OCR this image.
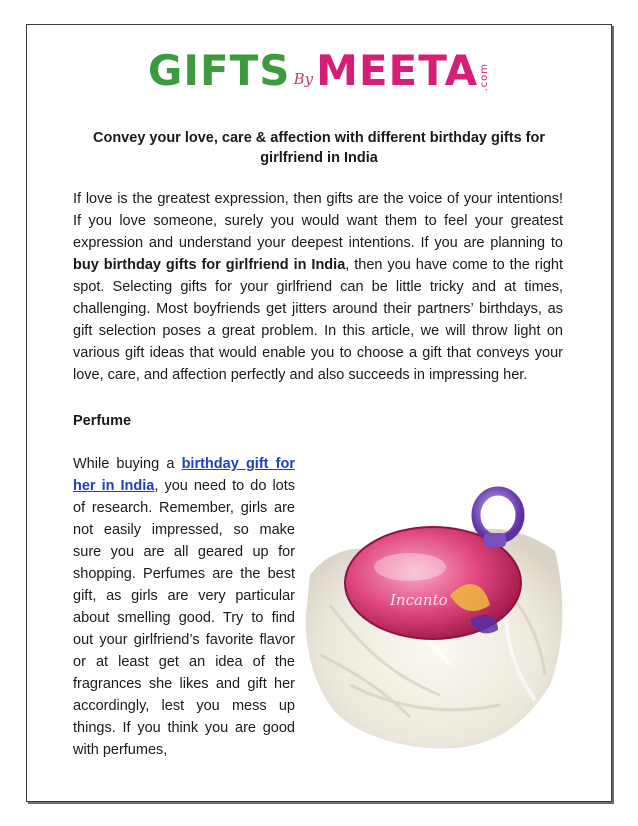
GIFTS By MEETA .com
Convey your love, care & affection with different birthday gifts for girlfriend in India

If love is the greatest expression, then gifts are the voice of your intentions! If you love someone, surely you would want them to feel your greatest expression and understand your deepest intentions. If you are planning to buy birthday gifts for girlfriend in India, then you have come to the right spot. Selecting gifts for your girlfriend can be little tricky and at times, challenging. Most boyfriends get jitters around their partners’ birthdays, as gift selection poses a great problem. In this article, we will throw light on various gift ideas that would enable you to choose a gift that conveys your love, care, and affection perfectly and also succeeds in impressing her.

Perfume

While buying a birthday gift for her in India, you need to do lots of research. Remember, girls are not easily impressed, so make sure you are all geared up for shopping. Perfumes are the best gift, as girls are very particular about smelling good. Try to find out your girlfriend’s favorite flavor or at least get an idea of the fragrances she likes and gift her accordingly, lest you mess up things. If you think you are good with perfumes,

Incanto
